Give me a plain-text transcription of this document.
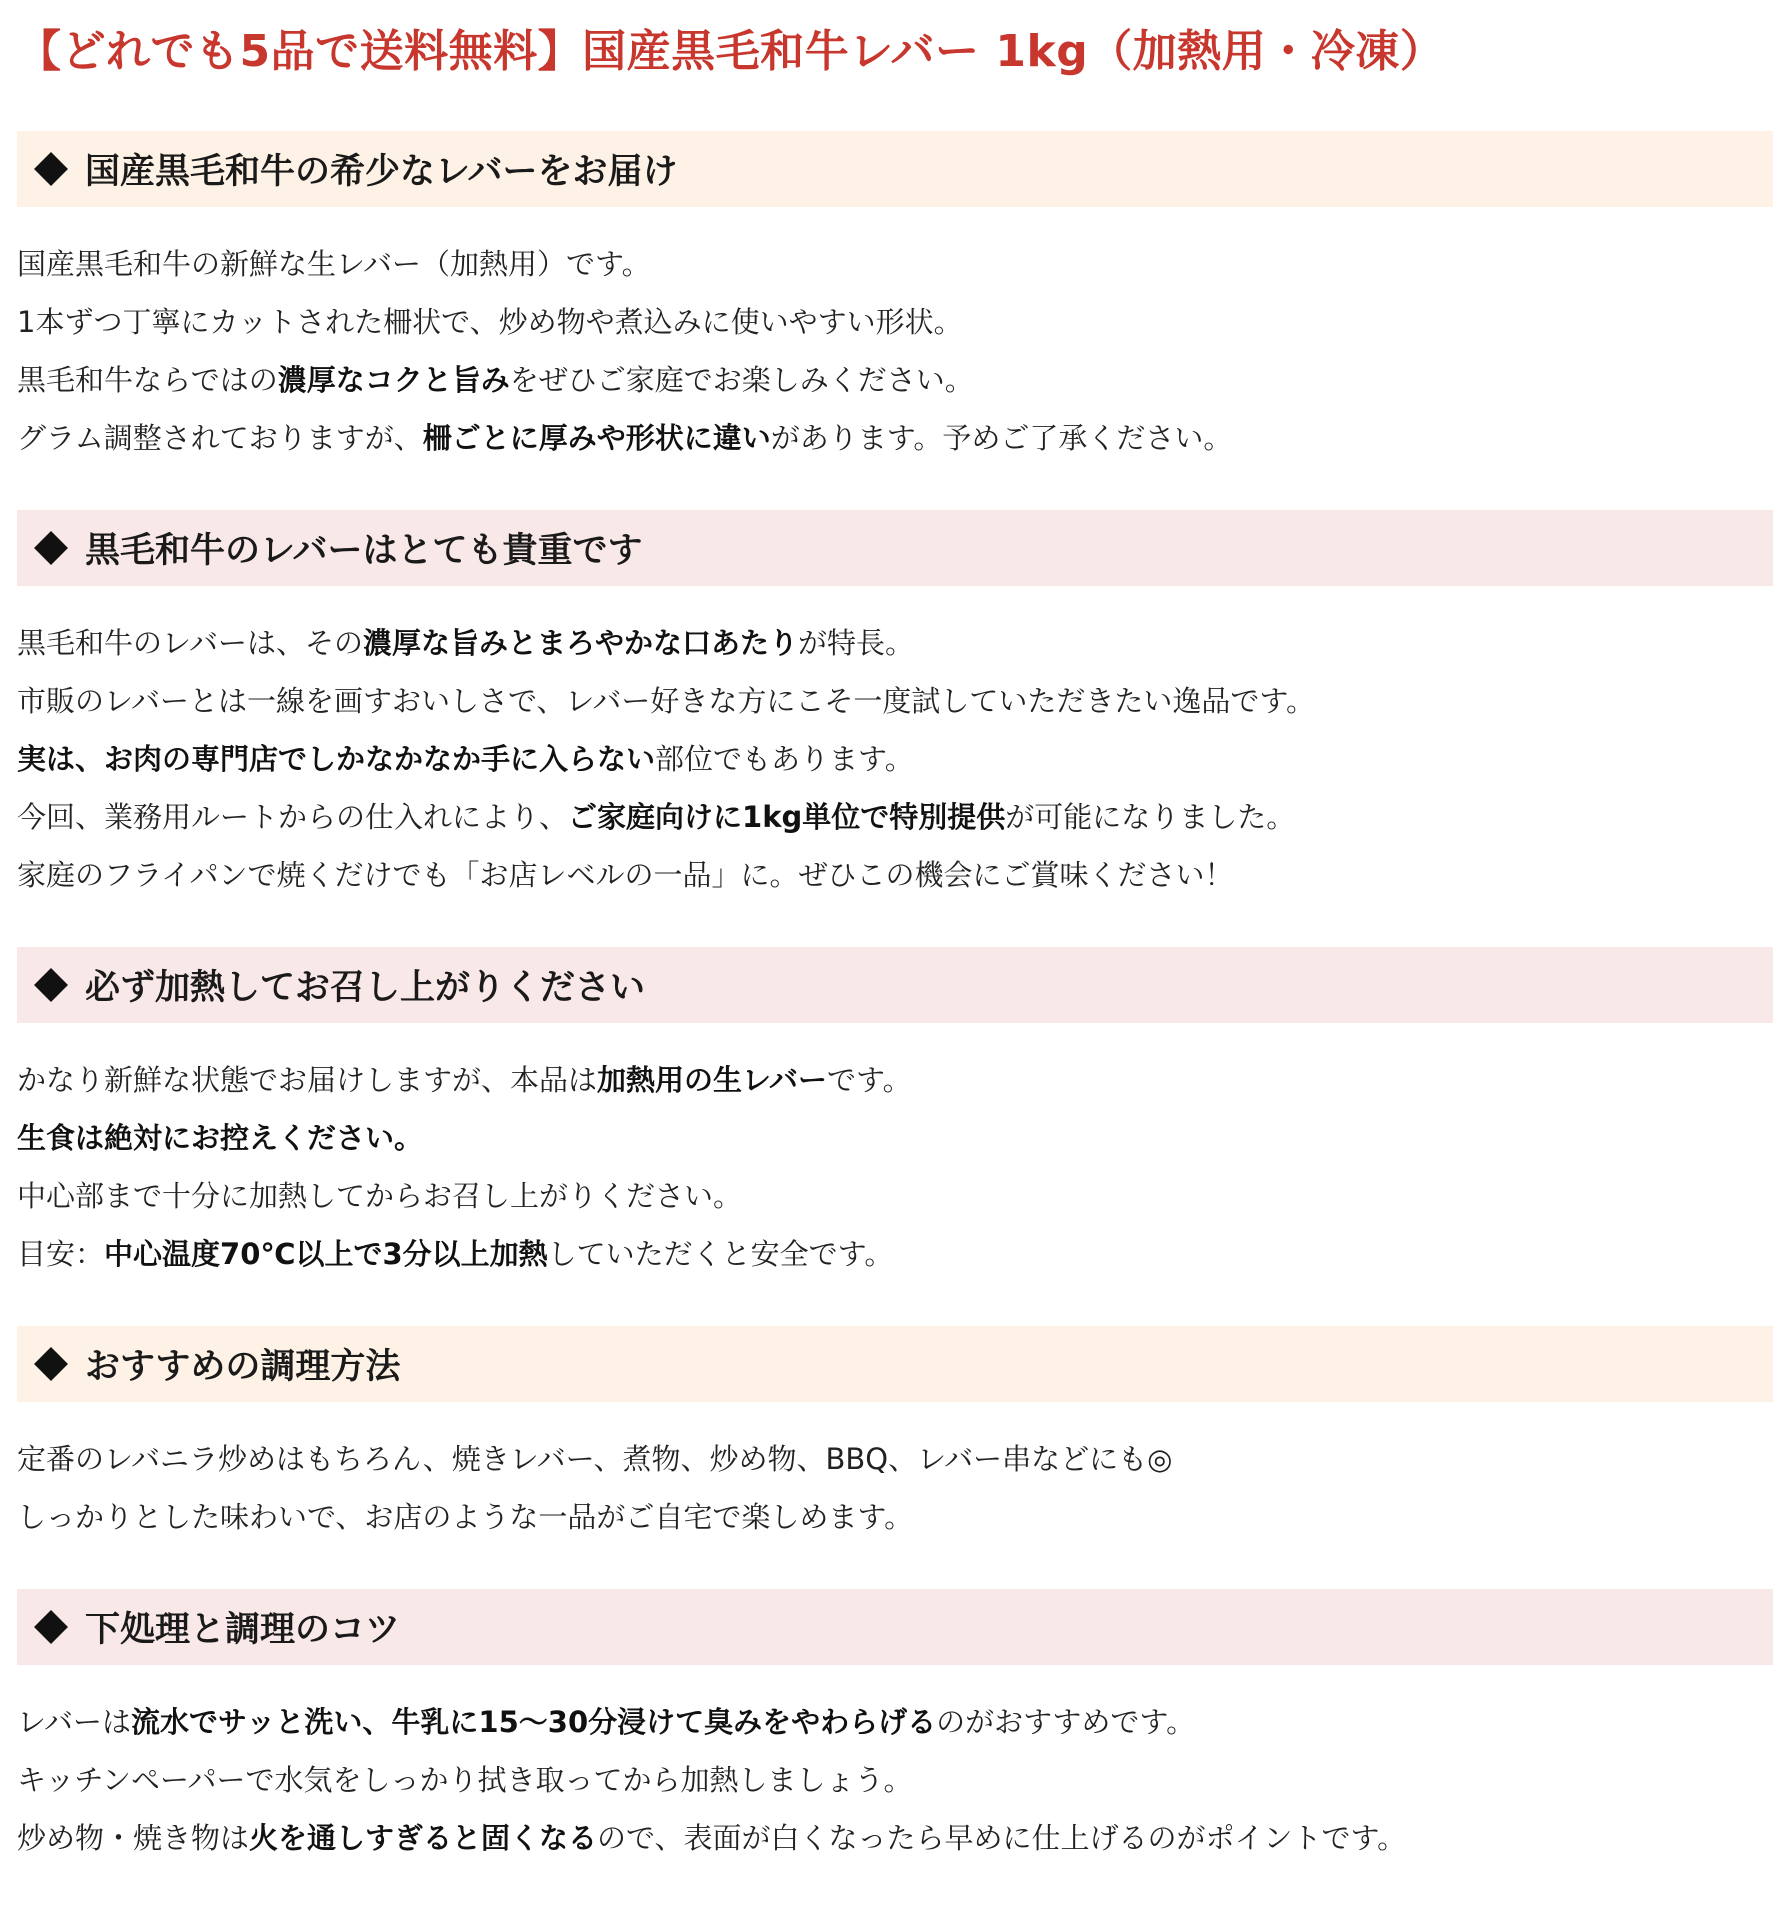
【どれでも5品で送料無料】国産黒毛和牛レバー 1kg（加熱用・冷凍）
国産黒毛和牛の希少なレバーをお届け
国産黒毛和牛の新鮮な生レバー（加熱用）です。
1本ずつ丁寧にカットされた柵状で、炒め物や煮込みに使いやすい形状。
黒毛和牛ならではの濃厚なコクと旨みをぜひご家庭でお楽しみください。
グラム調整されておりますが、柵ごとに厚みや形状に違いがあります。予めご了承ください。
黒毛和牛のレバーはとても貴重です
黒毛和牛のレバーは、その濃厚な旨みとまろやかな口あたりが特長。
市販のレバーとは一線を画すおいしさで、レバー好きな方にこそ一度試していただきたい逸品です。
実は、お肉の専門店でしかなかなか手に入らない部位でもあります。
今回、業務用ルートからの仕入れにより、ご家庭向けに1kg単位で特別提供が可能になりました。
家庭のフライパンで焼くだけでも「お店レベルの一品」に。ぜひこの機会にご賞味ください！
必ず加熱してお召し上がりください
かなり新鮮な状態でお届けしますが、本品は加熱用の生レバーです。
生食は絶対にお控えください。
中心部まで十分に加熱してからお召し上がりください。
目安：中心温度70℃以上で3分以上加熱していただくと安全です。
おすすめの調理方法
定番のレバニラ炒めはもちろん、焼きレバー、煮物、炒め物、BBQ、レバー串などにも◎
しっかりとした味わいで、お店のような一品がご自宅で楽しめます。
下処理と調理のコツ
レバーは流水でサッと洗い、牛乳に15〜30分浸けて臭みをやわらげるのがおすすめです。
キッチンペーパーで水気をしっかり拭き取ってから加熱しましょう。
炒め物・焼き物は火を通しすぎると固くなるので、表面が白くなったら早めに仕上げるのがポイントです。
